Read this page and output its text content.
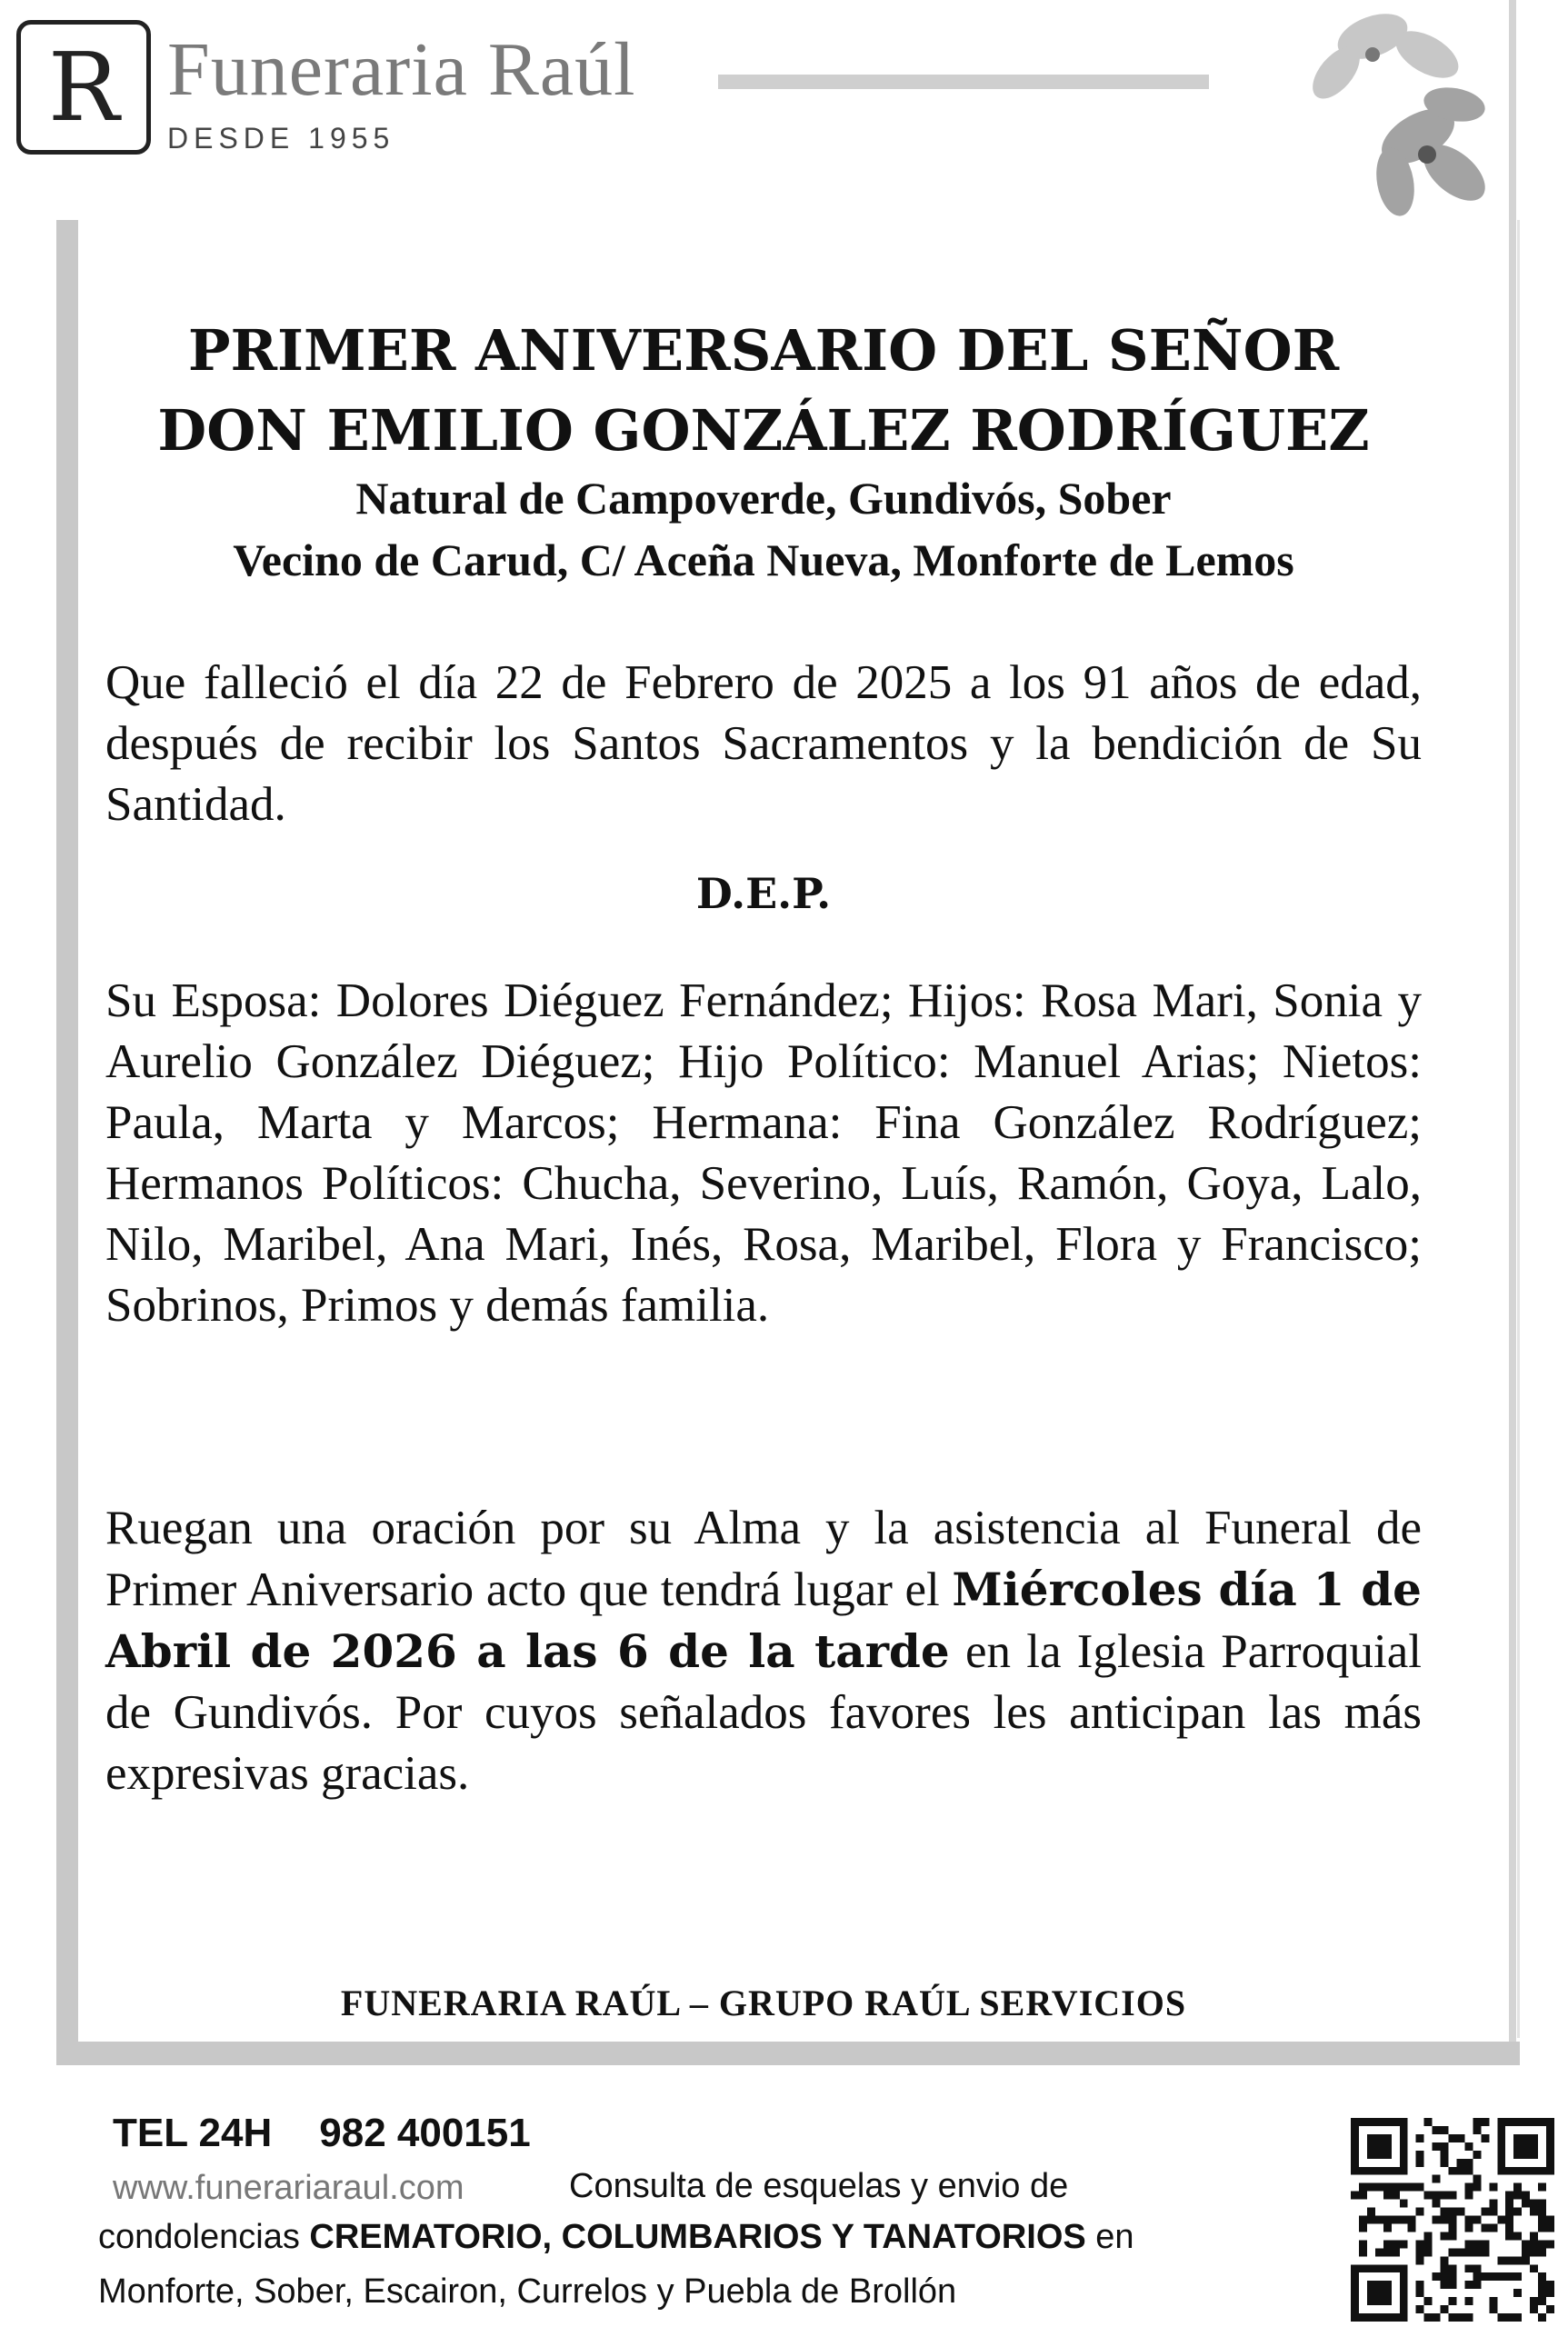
R Funeraria Raúl
DESDE 1955
PRIMER ANIVERSARIO DEL SEÑOR
DON EMILIO GONZÁLEZ RODRÍGUEZ
Natural de Campoverde, Gundivós, Sober
Vecino de Carud, C/ Aceña Nueva, Monforte de Lemos

Que falleció el día 22 de Febrero de 2025 a los 91 años de edad, después de recibir los Santos Sacramentos y la bendición de Su Santidad.

D.E.P.

Su Esposa: Dolores Diéguez Fernández; Hijos: Rosa Mari, Sonia y Aurelio González Diéguez; Hijo Político: Manuel Arias; Nietos: Paula, Marta y Marcos; Hermana: Fina González Rodríguez; Hermanos Políticos: Chucha, Severino, Luís, Ramón, Goya, Lalo, Nilo, Maribel, Ana Mari, Inés, Rosa, Maribel, Flora y Francisco; Sobrinos, Primos y demás familia.

Ruegan una oración por su Alma y la asistencia al Funeral de Primer Aniversario acto que tendrá lugar el Miércoles día 1 de Abril de 2026 a las 6 de la tarde en la Iglesia Parroquial de Gundivós. Por cuyos señalados favores les anticipan las más expresivas gracias.

FUNERARIA RAÚL – GRUPO RAÚL SERVICIOS
TEL 24H 982 400151
www.funerariaraul.com	Consulta de esquelas y envio de
condolencias CREMATORIO, COLUMBARIOS Y TANATORIOS en
Monforte, Sober, Escairon, Currelos y Puebla de Brollón
